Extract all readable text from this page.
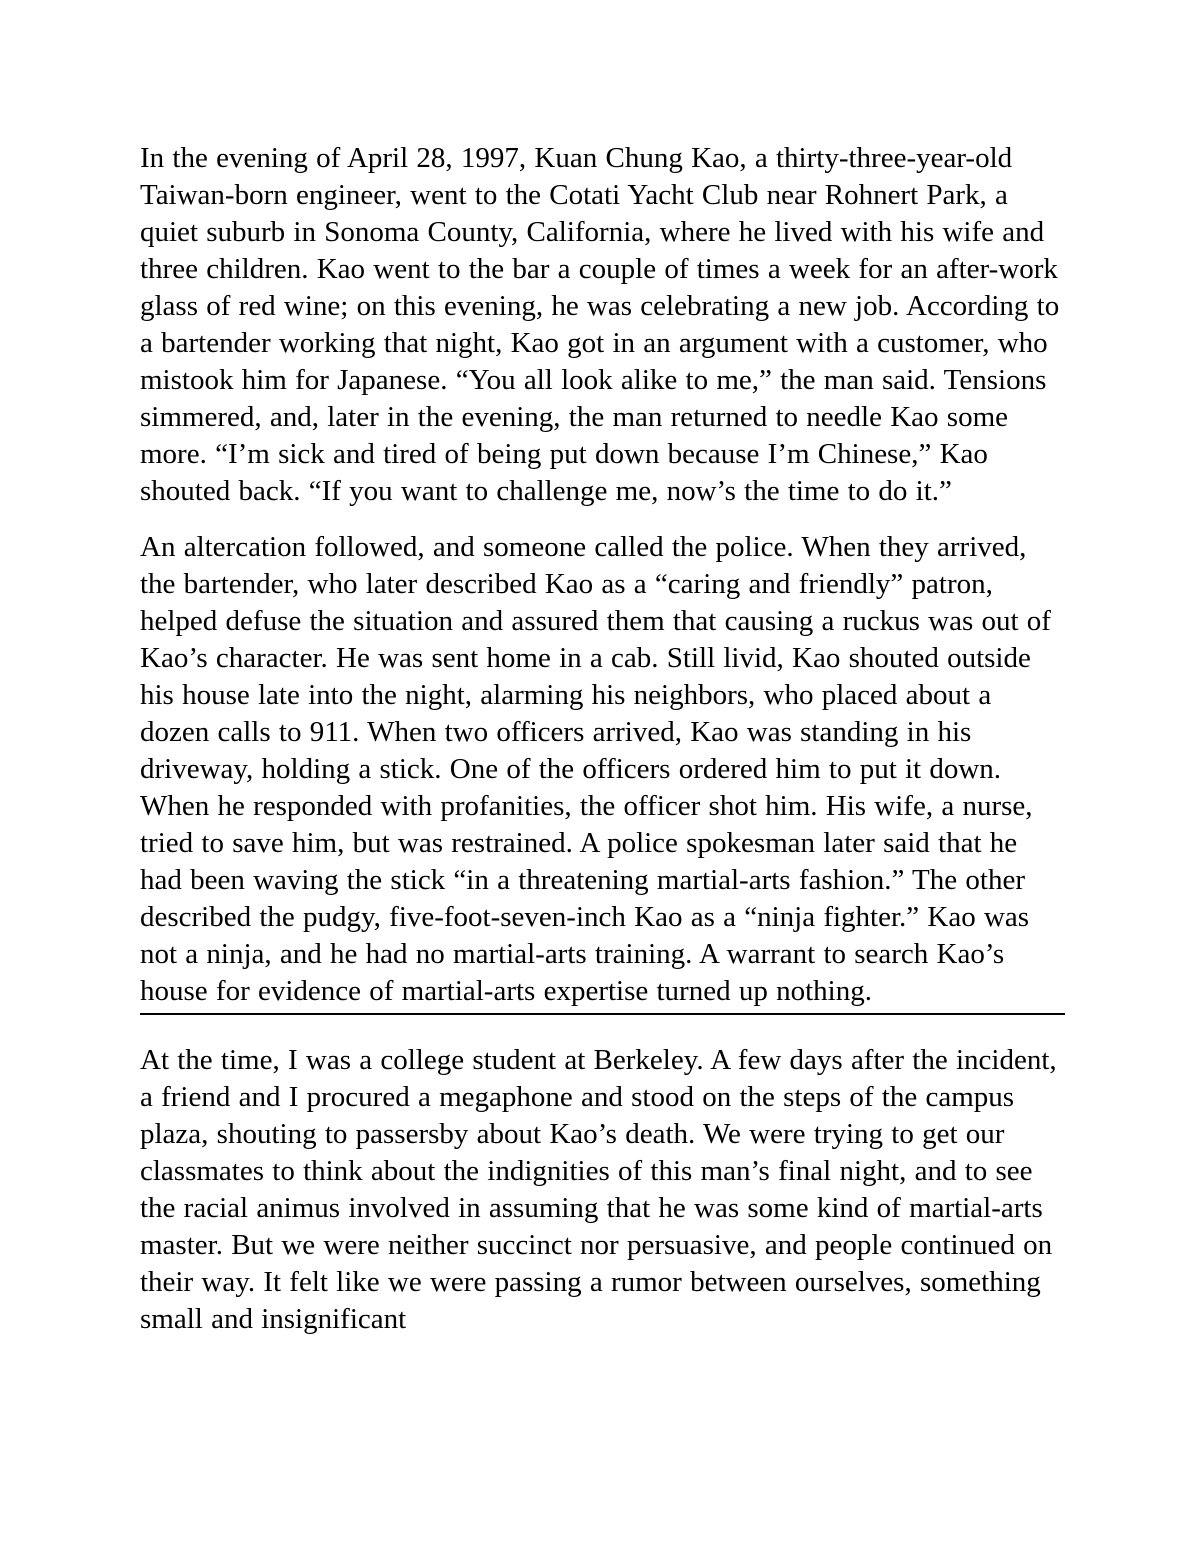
In the evening of April 28, 1997, Kuan Chung Kao, a thirty-three-year-old Taiwan-born engineer, went to the Cotati Yacht Club near Rohnert Park, a quiet suburb in Sonoma County, California, where he lived with his wife and three children. Kao went to the bar a couple of times a week for an after-work glass of red wine; on this evening, he was celebrating a new job. According to a bartender working that night, Kao got in an argument with a customer, who mistook him for Japanese. “You all look alike to me,” the man said. Tensions simmered, and, later in the evening, the man returned to needle Kao some more. “I’m sick and tired of being put down because I’m Chinese,” Kao shouted back. “If you want to challenge me, now’s the time to do it.”

An altercation followed, and someone called the police. When they arrived, the bartender, who later described Kao as a “caring and friendly” patron, helped defuse the situation and assured them that causing a ruckus was out of Kao’s character. He was sent home in a cab. Still livid, Kao shouted outside his house late into the night, alarming his neighbors, who placed about a dozen calls to 911. When two officers arrived, Kao was standing in his driveway, holding a stick. One of the officers ordered him to put it down. When he responded with profanities, the officer shot him. His wife, a nurse, tried to save him, but was restrained. A police spokesman later said that he had been waving the stick “in a threatening martial-arts fashion.” The other described the pudgy, five-foot-seven-inch Kao as a “ninja fighter.” Kao was not a ninja, and he had no martial-arts training. A warrant to search Kao’s house for evidence of martial-arts expertise turned up nothing.

At the time, I was a college student at Berkeley. A few days after the incident, a friend and I procured a megaphone and stood on the steps of the campus plaza, shouting to passersby about Kao’s death. We were trying to get our classmates to think about the indignities of this man’s final night, and to see the racial animus involved in assuming that he was some kind of martial-arts master. But we were neither succinct nor persuasive, and people continued on their way. It felt like we were passing a rumor between ourselves, something small and insignificant
